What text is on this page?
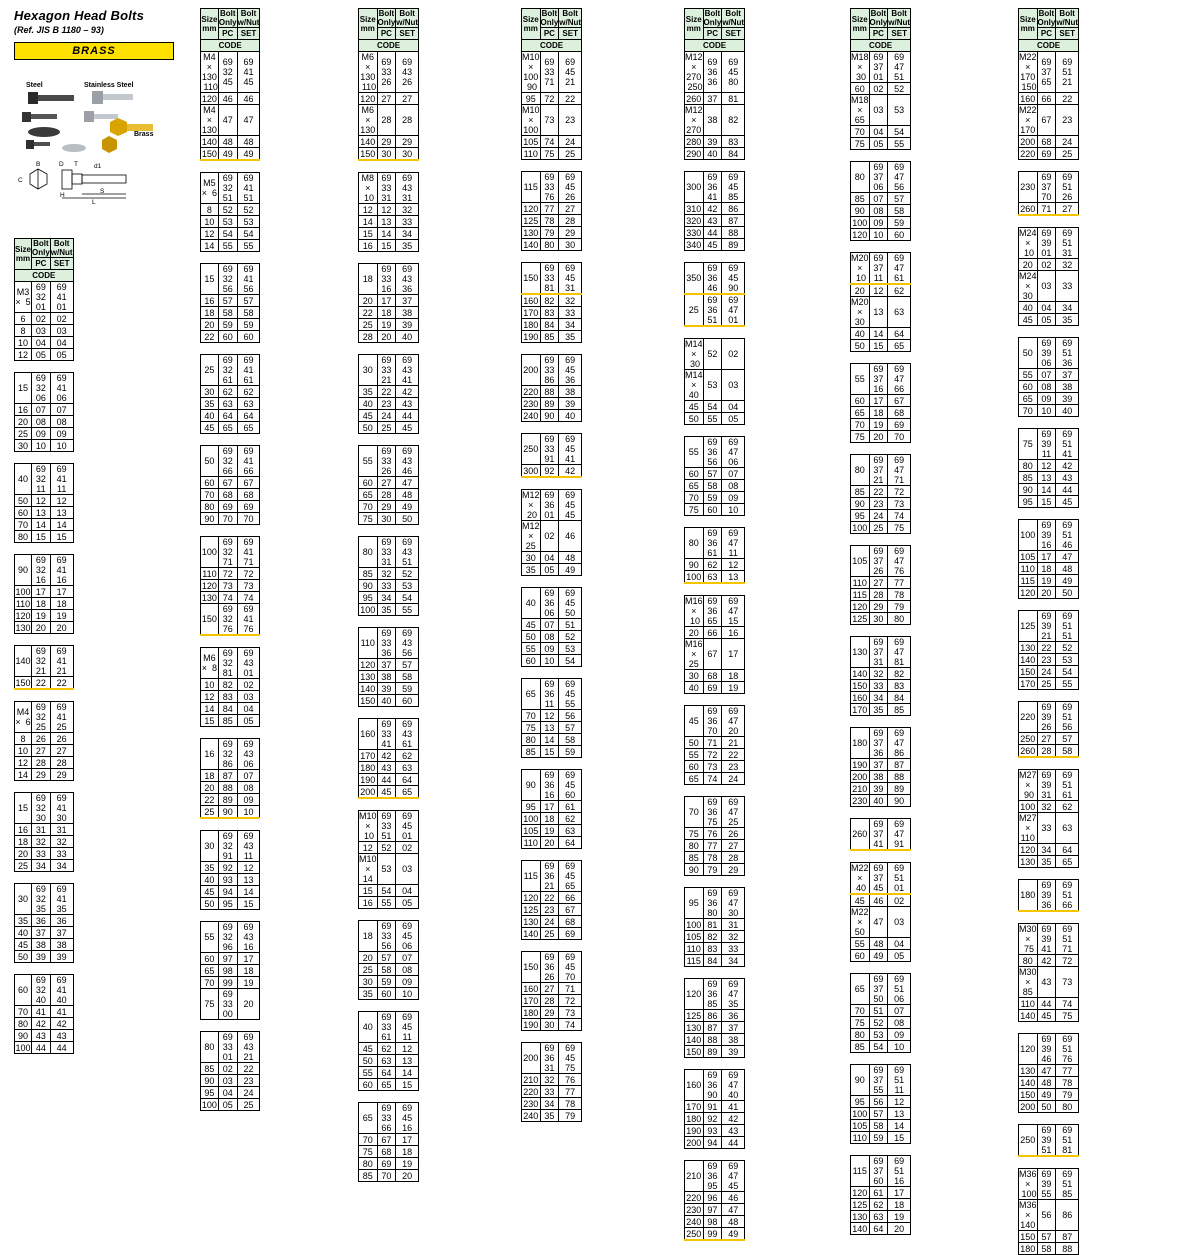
Hexagon Head Bolts
(Ref. JIS B 1180 – 93)
BRASS
Steel	Stainless Steel
Brass
C
B	D T d1
S
L
H
Size
mm	Bolt
Only	Bolt
w/Nut
	PC	SET
CODE		
M3 ×  5	69 32 01	69 41 01
6	02	02
8	03	03
10	04	04
12	05	05

15	69 32 06	69 41 06
16	07	07
20	08	08
25	09	09
30	10	10

40	69 32 11	69 41 11
50	12	12
60	13	13
70	14	14
80	15	15

90	69 32 16	69 41 16
100	17	17
110	18	18
120	19	19
130	20	20

140	69 32 21	69 41 21
150	22	22

M4 ×  6	69 32 25	69 41 25
8	26	26
10	27	27
12	28	28
14	29	29

15	69 32 30	69 41 30
16	31	31
18	32	32
20	33	33
25	34	34

30	69 32 35	69 41 35
35	36	36
40	37	37
45	38	38
50	39	39

60	69 32 40	69 41 40
70	41	41
80	42	42
90	43	43
100	44	44
Size
mm	Bolt
Only	Bolt
w/Nut
	PC	SET
CODE		
M4 × 130  110	69 32 45	69 41 45
120	46	46
M4 × 130	47	47
140	48	48
150	49	49

M5 ×  6	69 32 51	69 41 51
8	52	52
10	53	53
12	54	54
14	55	55

15	69 32 56	69 41 56
16	57	57
18	58	58
20	59	59
22	60	60

25	69 32 61	69 41 61
30	62	62
35	63	63
40	64	64
45	65	65

50	69 32 66	69 41 66
60	67	67
70	68	68
80	69	69
90	70	70

100	69 32 71	69 41 71
110	72	72
120	73	73
130	74	74
150	69 32 76	69 41 76

M6 ×  8	69 32 81	69 43 01
10	82	02
12	83	03
14	84	04
15	85	05

16	69 32 86	69 43 06
18	87	07
20	88	08
22	89	09
25	90	10

30	69 32 91	69 43 11
35	92	12
40	93	13
45	94	14
50	95	15

55	69 32 96	69 43 16
60	97	17
65	98	18
70	99	19
75	69 33 00	20

80	69 33 01	69 43 21
85	02	22
90	03	23
95	04	24
100	05	25
Size
mm	Bolt
Only	Bolt
w/Nut
	PC	SET
CODE		
M6 × 130  110	69 33 26	69 43 26
120	27	27
M6 × 130	28	28
140	29	29
150	30	30

M8 ×  10	69 33 31	69 43 31
12	12	32
14	13	33
15	14	34
16	15	35

18	69 33 16	69 43 36
20	17	37
22	18	38
25	19	39
28	20	40

30	69 33 21	69 43 41
35	22	42
40	23	43
45	24	44
50	25	45

55	69 33 26	69 43 46
60	27	47
65	28	48
70	29	49
75	30	50

80	69 33 31	69 43 51
85	32	52
90	33	53
95	34	54
100	35	55

110	69 33 36	69 43 56
120	37	57
130	38	58
140	39	59
150	40	60

160	69 33 41	69 43 61
170	42	62
180	43	63
190	44	64
200	45	65

M10 ×  10	69 33 51	69 45 01
12	52	02
M10 × 14	53	03
15	54	04
16	55	05

18	69 33 56	69 45 06
20	57	07
25	58	08
30	59	09
35	60	10

40	69 33 61	69 45 11
45	62	12
50	63	13
55	64	14
60	65	15

65	69 33 66	69 45 16
70	67	17
75	68	18
80	69	19
85	70	20
Size
mm	Bolt
Only	Bolt
w/Nut
	PC	SET
CODE		
M10 × 100  90	69 33 71	69 45 21
95	72	22
M10 × 100	73	23
105	74	24
110	75	25

115	69 33 76	69 45 26
120	77	27
125	78	28
130	79	29
140	80	30

150	69 33 81	69 45 31
160	82	32
170	83	33
180	84	34
190	85	35

200	69 33 86	69 45 36
220	88	38
230	89	39
240	90	40

250	69 33 91	69 45 41
300	92	42

M12 ×  20	69 36 01	69 45 45
M12 × 25	02	46
30	04	48
35	05	49

40	69 36 06	69 45 50
45	07	51
50	08	52
55	09	53
60	10	54

65	69 36 11	69 45 55
70	12	56
75	13	57
80	14	58
85	15	59

90	69 36 16	69 45 60
95	17	61
100	18	62
105	19	63
110	20	64

115	69 36 21	69 45 65
120	22	66
125	23	67
130	24	68
140	25	69

150	69 36 26	69 45 70
160	27	71
170	28	72
180	29	73
190	30	74

200	69 36 31	69 45 75
210	32	76
220	33	77
230	34	78
240	35	79
Size
mm	Bolt
Only	Bolt
w/Nut
	PC	SET
CODE		
M12 × 270  250	69 36 36	69 45 80
260	37	81
M12 × 270	38	82
280	39	83
290	40	84

300	69 36 41	69 45 85
310	42	86
320	43	87
330	44	88
340	45	89

350	69 36 46	69 45 90
25	69 36 51	69 47 01

M14 ×  30	52	02
M14 × 40	53	03
45	54	04
50	55	05

55	69 36 56	69 47 06
60	57	07
65	58	08
70	59	09
75	60	10

80	69 36 61	69 47 11
90	62	12
100	63	13

M16 ×  10	69 36 65	69 47 15
20	66	16
M16 × 25	67	17
30	68	18
40	69	19

45	69 36 70	69 47 20
50	71	21
55	72	22
60	73	23
65	74	24

70	69 36 75	69 47 25
75	76	26
80	77	27
85	78	28
90	79	29

95	69 36 80	69 47 30
100	81	31
105	82	32
110	83	33
115	84	34

120	69 36 85	69 47 35
125	86	36
130	87	37
140	88	38
150	89	39

160	69 36 90	69 47 40
170	91	41
180	92	42
190	93	43
200	94	44

210	69 36 95	69 47 45
220	96	46
230	97	47
240	98	48
250	99	49
Size
mm	Bolt
Only	Bolt
w/Nut
	PC	SET
CODE		
M18 ×  30	69 37 01	69 47 51
60	02	52
M18 × 65	03	53
70	04	54
75	05	55

80	69 37 06	69 47 56
85	07	57
90	08	58
100	09	59
120	10	60

M20 ×  10	69 37 11	69 47 61
20	12	62
M20 × 30	13	63
40	14	64
50	15	65

55	69 37 16	69 47 66
60	17	67
65	18	68
70	19	69
75	20	70

80	69 37 21	69 47 71
85	22	72
90	23	73
95	24	74
100	25	75

105	69 37 26	69 47 76
110	27	77
115	28	78
120	29	79
125	30	80

130	69 37 31	69 47 81
140	32	82
150	33	83
160	34	84
170	35	85

180	69 37 36	69 47 86
190	37	87
200	38	88
210	39	89
230	40	90

260	69 37 41	69 47 91

M22 ×  40	69 37 45	69 51 01
45	46	02
M22 × 50	47	03
55	48	04
60	49	05

65	69 37 50	69 51 06
70	51	07
75	52	08
80	53	09
85	54	10

90	69 37 55	69 51 11
95	56	12
100	57	13
105	58	14
110	59	15

115	69 37 60	69 51 16
120	61	17
125	62	18
130	63	19
140	64	20
Size
mm	Bolt
Only	Bolt
w/Nut
	PC	SET
CODE		
M22 × 170  150	69 37 65	69 51 21
160	66	22
M22 × 170	67	23
200	68	24
220	69	25

230	69 37 70	69 51 26
260	71	27

M24 ×  10	69 39 01	69 51 31
20	02	32
M24 × 30	03	33
40	04	34
45	05	35

50	69 39 06	69 51 36
55	07	37
60	08	38
65	09	39
70	10	40

75	69 39 11	69 51 41
80	12	42
85	13	43
90	14	44
95	15	45

100	69 39 16	69 51 46
105	17	47
110	18	48
115	19	49
120	20	50

125	69 39 21	69 51 51
130	22	52
140	23	53
150	24	54
170	25	55

220	69 39 26	69 51 56
250	27	57
260	28	58

M27 ×  90	69 39 31	69 51 61
100	32	62
M27 × 110	33	63
120	34	64
130	35	65

180	69 39 36	69 51 66

M30 ×  75	69 39 41	69 51 71
80	42	72
M30 × 85	43	73
110	44	74
140	45	75

120	69 39 46	69 51 76
130	47	77
140	48	78
150	49	79
200	50	80

250	69 39 51	69 51 81

M36 ×  100	69 39 55	69 51 85
M36 × 140	56	86
150	57	87
180	58	88
